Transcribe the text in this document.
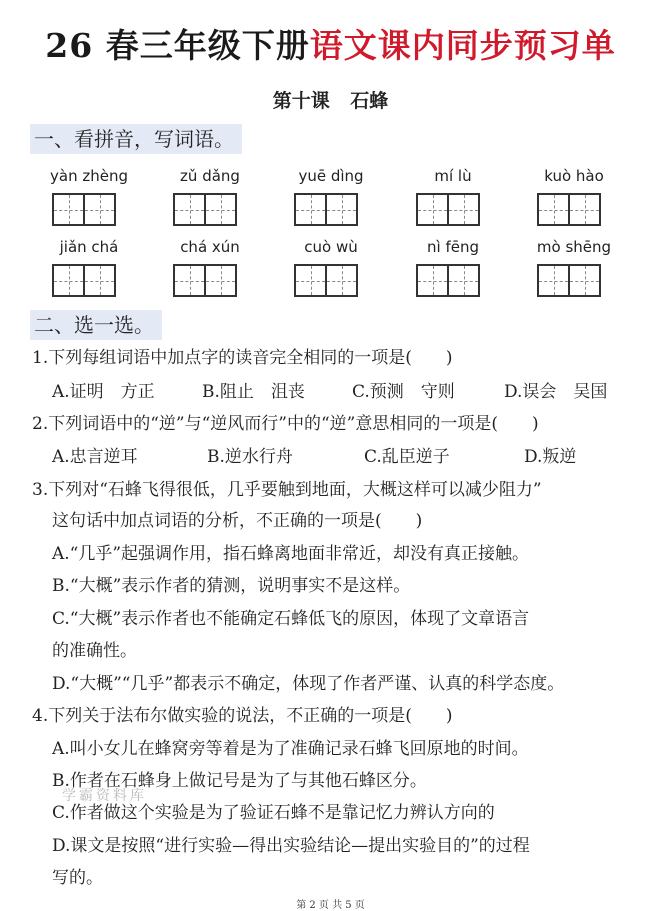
26 春三年级下册语文课内同步预习单
第十课 石蜂
一、看拼音，写词语。
yàn zhèng	zǔ dǎng	yuē dìng	mí lù	kuò hào
jiǎn chá	chá xún	cuò wù	nì fēng	mò shēng
二、选一选。
1.下列每组词语中加点字的读音完全相同的一项是(　　)
A.证明　方正	B.阻止　沮丧	C.预测　守则	D.误会　吴国
2.下列词语中的“逆”与“逆风而行”中的“逆”意思相同的一项是(　　)
A.忠言逆耳	B.逆水行舟	C.乱臣逆子	D.叛逆
3.下列对“石蜂飞得很低，几乎要触到地面，大概这样可以减少阻力”
这句话中加点词语的分析，不正确的一项是(　　)
A.“几乎”起强调作用，指石蜂离地面非常近，却没有真正接触。
B.“大概”表示作者的猜测，说明事实不是这样。
C.“大概”表示作者也不能确定石蜂低飞的原因，体现了文章语言
的准确性。
D.“大概”“几乎”都表示不确定，体现了作者严谨、认真的科学态度。
4.下列关于法布尔做实验的说法，不正确的一项是(　　)
A.叫小女儿在蜂窝旁等着是为了准确记录石蜂飞回原地的时间。
B.作者在石蜂身上做记号是为了与其他石蜂区分。
C.作者做这个实验是为了验证石蜂不是靠记忆力辨认方向的
D.课文是按照“进行实验—得出实验结论—提出实验目的”的过程
写的。
学霸资料库
第 2 页 共 5 页
